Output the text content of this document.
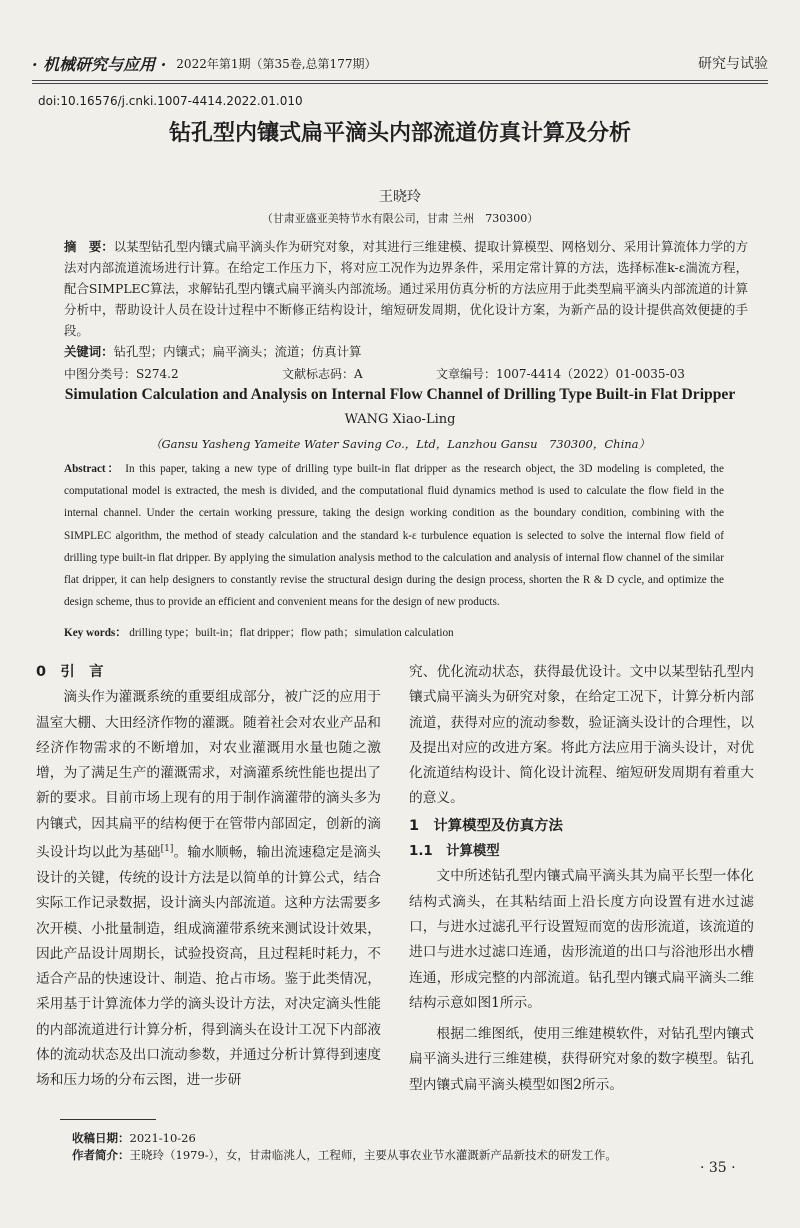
· 机械研究与应用 · 2022年第1期（第35卷,总第177期）	研究与试验
doi:10.16576/j.cnki.1007-4414.2022.01.010
钻孔型内镶式扁平滴头内部流道仿真计算及分析
王晓玲
（甘肃亚盛亚美特节水有限公司，甘肃 兰州　730300）
摘　要：以某型钻孔型内镶式扁平滴头作为研究对象，对其进行三维建模、提取计算模型、网格划分、采用计算流体力学的方法对内部流道流场进行计算。在给定工作压力下，将对应工况作为边界条件，采用定常计算的方法，选择标准k-ε湍流方程，配合SIMPLEC算法，求解钻孔型内镶式扁平滴头内部流场。通过采用仿真分析的方法应用于此类型扁平滴头内部流道的计算分析中，帮助设计人员在设计过程中不断修正结构设计，缩短研发周期，优化设计方案，为新产品的设计提供高效便捷的手段。
关键词：钻孔型；内镶式；扁平滴头；流道；仿真计算
中图分类号：S274.2	文献标志码：A	文章编号：1007-4414（2022）01-0035-03
Simulation Calculation and Analysis on Internal Flow Channel of Drilling Type Built-in Flat Dripper
WANG Xiao-Ling
（Gansu Yasheng Yameite Water Saving Co.，Ltd，Lanzhou Gansu　730300，China）
Abstract： In this paper, taking a new type of drilling type built-in flat dripper as the research object, the 3D modeling is completed, the computational model is extracted, the mesh is divided, and the computational fluid dynamics method is used to calculate the flow field in the internal channel. Under the certain working pressure, taking the design working condition as the boundary condition, combining with the SIMPLEC algorithm, the method of steady calculation and the standard k-ε turbulence equation is selected to solve the internal flow field of drilling type built-in flat dripper. By applying the simulation analysis method to the calculation and analysis of internal flow channel of the similar flat dripper, it can help designers to constantly revise the structural design during the design process, shorten the R & D cycle, and optimize the design scheme, thus to provide an efficient and convenient means for the design of new products.
Key words： drilling type；built-in；flat dripper；flow path；simulation calculation
0　引　言

滴头作为灌溉系统的重要组成部分，被广泛的应用于温室大棚、大田经济作物的灌溉。随着社会对农业产品和经济作物需求的不断增加，对农业灌溉用水量也随之激增，为了满足生产的灌溉需求，对滴灌系统性能也提出了新的要求。目前市场上现有的用于制作滴灌带的滴头多为内镶式，因其扁平的结构便于在管带内部固定，创新的滴头设计均以此为基础[1]。输水顺畅，输出流速稳定是滴头设计的关键，传统的设计方法是以简单的计算公式，结合实际工作记录数据，设计滴头内部流道。这种方法需要多次开模、小批量制造，组成滴灌带系统来测试设计效果，因此产品设计周期长，试验投资高，且过程耗时耗力，不适合产品的快速设计、制造、抢占市场。鉴于此类情况，采用基于计算流体力学的滴头设计方法，对决定滴头性能的内部流道进行计算分析，得到滴头在设计工况下内部液体的流动状态及出口流动参数，并通过分析计算得到速度场和压力场的分布云图，进一步研

究、优化流动状态，获得最优设计。文中以某型钻孔型内镶式扁平滴头为研究对象，在给定工况下，计算分析内部流道，获得对应的流动参数，验证滴头设计的合理性，以及提出对应的改进方案。将此方法应用于滴头设计，对优化流道结构设计、简化设计流程、缩短研发周期有着重大的意义。

1　计算模型及仿真方法
1.1　计算模型

文中所述钻孔型内镶式扁平滴头其为扁平长型一体化结构式滴头，在其粘结面上沿长度方向设置有进水过滤口，与进水过滤孔平行设置短而宽的齿形流道，该流道的进口与进水过滤口连通，齿形流道的出口与浴池形出水槽连通，形成完整的内部流道。钻孔型内镶式扁平滴头二维结构示意如图1所示。

根据二维图纸，使用三维建模软件，对钻孔型内镶式扁平滴头进行三维建模，获得研究对象的数字模型。钻孔型内镶式扁平滴头模型如图2所示。

收稿日期：2021-10-26
作者简介：王晓玲（1979-），女，甘肃临洮人，工程师，主要从事农业节水灌溉新产品新技术的研发工作。
· 35 ·
